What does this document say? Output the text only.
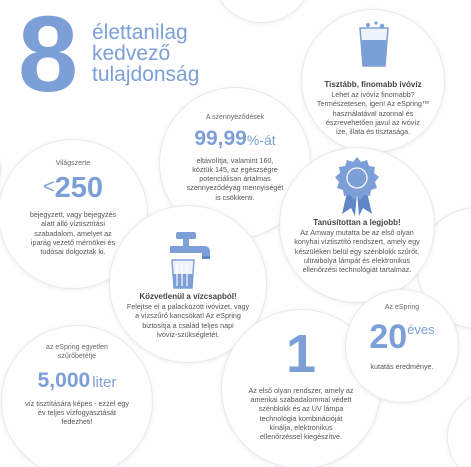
8 élettanilag
kedvező
tulajdonság	Tisztább, finomabb ivóvíz
Lehet az ivóvíz finomabb?
Természetesen, igen! Az eSpring™
használatával azonnal és
észrevehetően javul az ivóvíz
íze, illata és tisztasága.
A szennyeződések
99,99%-át
eltávolítja, valamint 160,
köztük 145, az egészségre
potenciálisan ártalmas
szennyeződéyag mennyiségét
is csökkenti.
Világszerte
<250
bejegyzett, vagy bejegyzés
alatt álló víztisztítási
szabadalom, amelyet az
iparág vezető mérnökei és
tudósai dolgoztak ki.
Tanúsítottan a legjobb!
Az Amway mutatta be az első olyan
konyhai víztisztító rendszert, amely egy
készüléken belül egy szénblokk szűrőt,
ultraibolya lámpát és elektronikus
ellenőrzési technológiát tartalmaz.
Közvetlenül a vízcsapból!
Felejtse el a palackozott ivóvizet, vagy
a vízszűrő kancsókat! Az eSpring
biztosítja a család teljes napi
ivóvíz-szükségletét.
az eSpring egyetlen
szűrőbetétje
5,000 liter
víz tisztítására képes - ezzel egy
év teljes vízfogyasztását
fedezheti!
1
Az első olyan rendszer, amely az
amerikai szabadalommal védett
szénblokk és az UV lámpa
technológia kombinációját
kínálja, elektronikus
ellenőrzéssel kiegészítve.
Az eSpring
20éves
kutatás eredménye.
